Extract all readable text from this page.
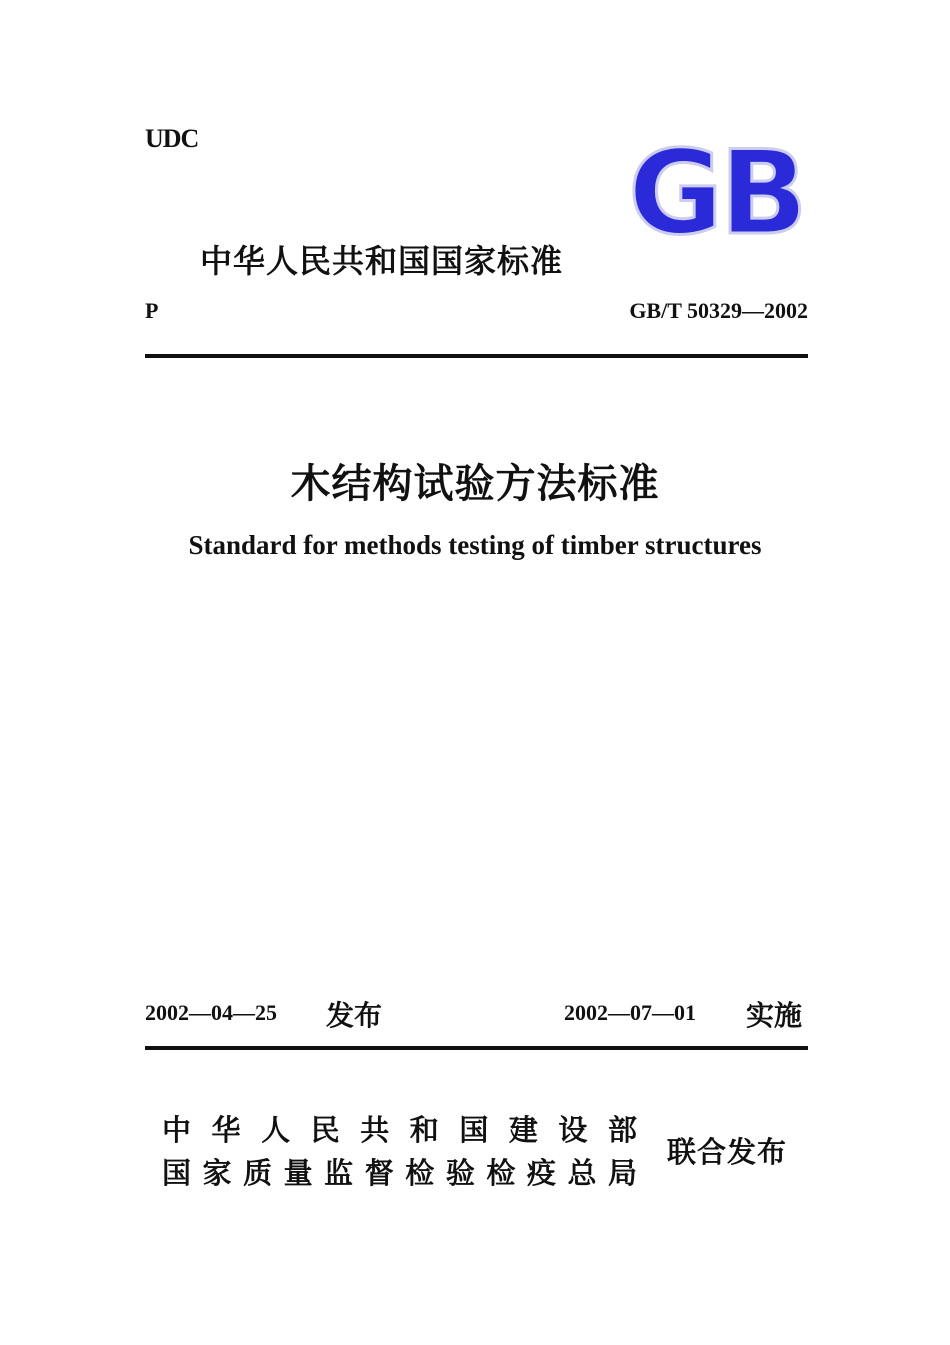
UDC	GB
中华人民共和国国家标准
P	GB/T 50329—2002
木结构试验方法标准
Standard for methods testing of timber structures
2002—04—25 发布	2002—07—01 实施
中 华 人 民 共 和 国 建 设 部
国 家 质 量 监 督 检 验 检 疫 总 局
联合发布
